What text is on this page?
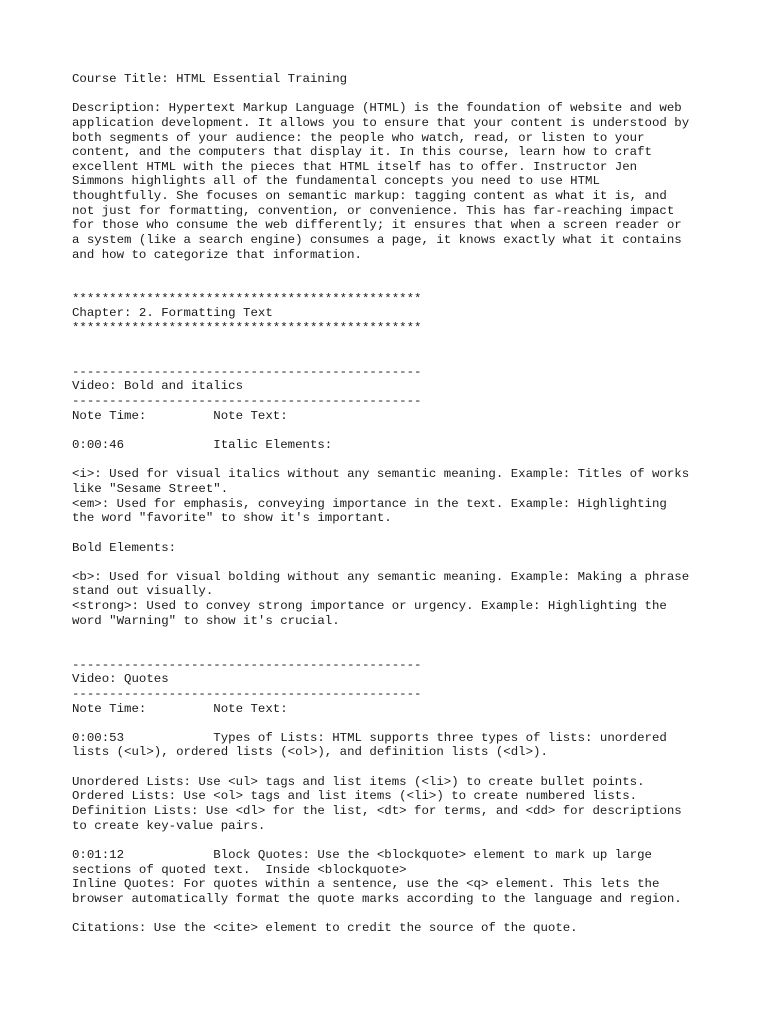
Course Title: HTML Essential Training
Description: Hypertext Markup Language (HTML) is the foundation of website and web
application development. It allows you to ensure that your content is understood by
both segments of your audience: the people who watch, read, or listen to your
content, and the computers that display it. In this course, learn how to craft
excellent HTML with the pieces that HTML itself has to offer. Instructor Jen
Simmons highlights all of the fundamental concepts you need to use HTML
thoughtfully. She focuses on semantic markup: tagging content as what it is, and
not just for formatting, convention, or convenience. This has far-reaching impact
for those who consume the web differently; it ensures that when a screen reader or
a system (like a search engine) consumes a page, it knows exactly what it contains
and how to categorize that information.
***********************************************
Chapter: 2. Formatting Text
***********************************************
-----------------------------------------------
Video: Bold and italics
-----------------------------------------------
Note Time:         Note Text:
0:00:46            Italic Elements:
<i>: Used for visual italics without any semantic meaning. Example: Titles of works
like "Sesame Street".
<em>: Used for emphasis, conveying importance in the text. Example: Highlighting
the word "favorite" to show it's important.
Bold Elements:
<b>: Used for visual bolding without any semantic meaning. Example: Making a phrase
stand out visually.
<strong>: Used to convey strong importance or urgency. Example: Highlighting the
word "Warning" to show it's crucial.
-----------------------------------------------
Video: Quotes
-----------------------------------------------
Note Time:         Note Text:
0:00:53            Types of Lists: HTML supports three types of lists: unordered
lists (<ul>), ordered lists (<ol>), and definition lists (<dl>).
Unordered Lists: Use <ul> tags and list items (<li>) to create bullet points.
Ordered Lists: Use <ol> tags and list items (<li>) to create numbered lists.
Definition Lists: Use <dl> for the list, <dt> for terms, and <dd> for descriptions
to create key-value pairs.
0:01:12            Block Quotes: Use the <blockquote> element to mark up large
sections of quoted text.  Inside <blockquote>
Inline Quotes: For quotes within a sentence, use the <q> element. This lets the
browser automatically format the quote marks according to the language and region.
Citations: Use the <cite> element to credit the source of the quote.
